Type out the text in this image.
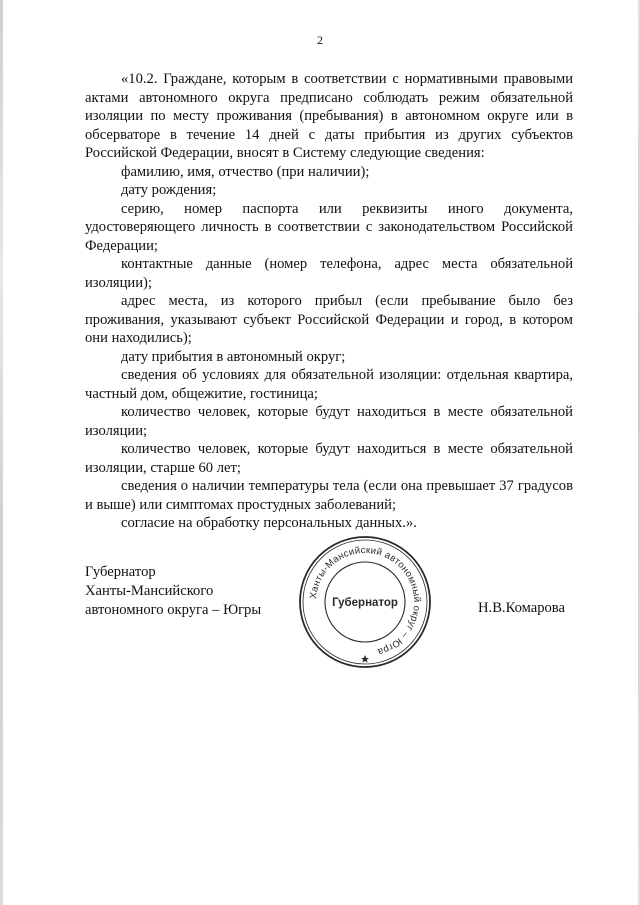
2

«10.2. Граждане, которым в соответствии с нормативными правовыми актами автономного округа предписано соблюдать режим обязательной изоляции по месту проживания (пребывания) в автономном округе или в обсерваторе в течение 14 дней с даты прибытия из других субъектов Российской Федерации, вносят в Систему следующие сведения:

фамилию, имя, отчество (при наличии);

дату рождения;

серию, номер паспорта или реквизиты иного документа, удостоверяющего личность в соответствии с законодательством Российской Федерации;

контактные данные (номер телефона, адрес места обязательной изоляции);

адрес места, из которого прибыл (если пребывание было без проживания, указывают субъект Российской Федерации и город, в котором они находились);

дату прибытия в автономный округ;

сведения об условиях для обязательной изоляции: отдельная квартира, частный дом, общежитие, гостиница;

количество человек, которые будут находиться в месте обязательной изоляции;

количество человек, которые будут находиться в месте обязательной изоляции, старше 60 лет;

сведения о наличии температуры тела (если она превышает 37 градусов и выше) или симптомах простудных заболеваний;

согласие на обработку персональных данных.».

Губернатор
Ханты-Мансийского
автономного округа – Югры	Н.В.Комарова
Ханты-Мансийский автономный округ – Югра
Губернатор
